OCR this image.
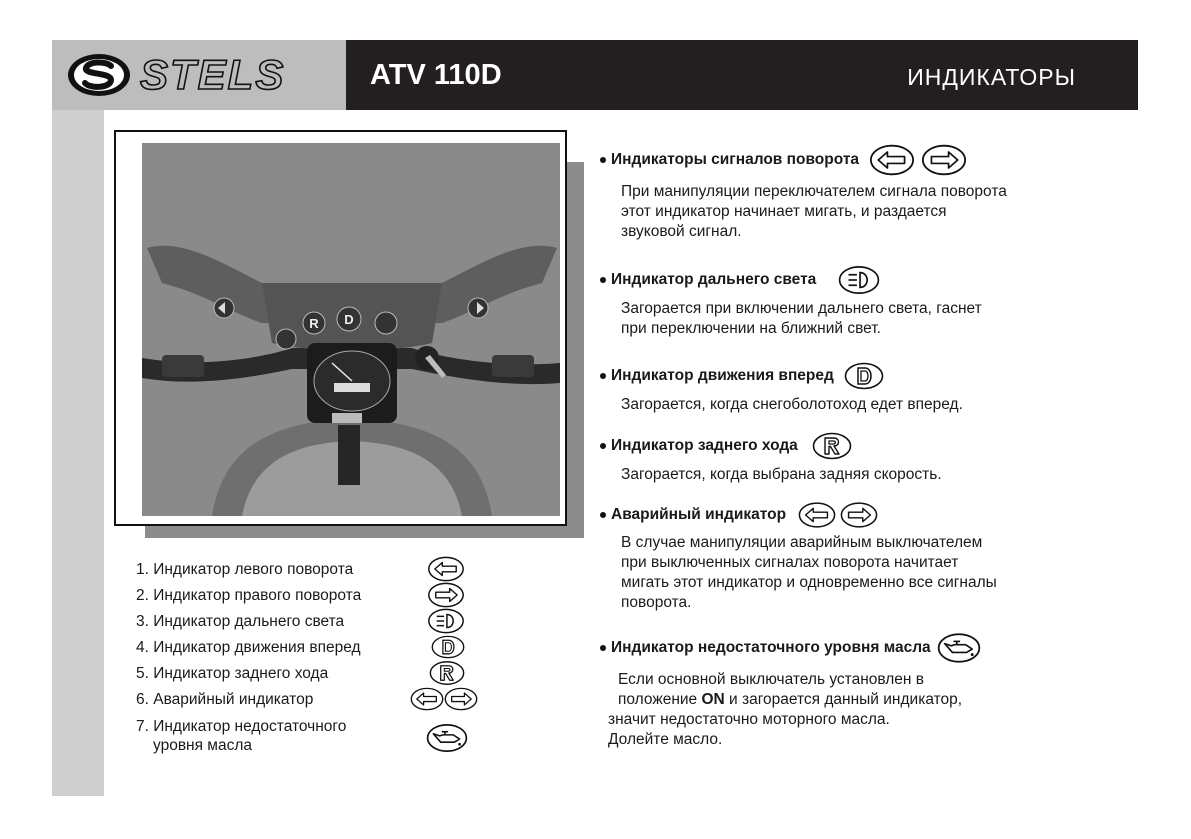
STELS	ATV 110D	ИНДИКАТОРЫ
R D
1. Индикатор левого поворота
2. Индикатор правого поворота
3. Индикатор дальнего света
4. Индикатор движения вперед
5. Индикатор заднего хода
6. Аварийный индикатор
7. Индикатор недостаточного
уровня масла
Индикаторы сигналов поворота

При манипуляции переключателем сигнала поворота

этот индикатор начинает мигать, и раздается

звуковой сигнал.

Индикатор дальнего света

Загорается при включении дальнего света, гаснет

при переключении на ближний свет.

Индикатор движения вперед

Загорается, когда снегоболотоход едет вперед.

Индикатор заднего хода

Загорается, когда выбрана задняя скорость.

Аварийный индикатор

В случае манипуляции аварийным выключателем

при выключенных сигналах поворота начитает

мигать этот индикатор и одновременно все сигналы

поворота.

Индикатор недостаточного уровня масла

Если основной выключатель установлен в

положение ON и загорается данный индикатор,

значит недостаточно моторного масла.

Долейте масло.
